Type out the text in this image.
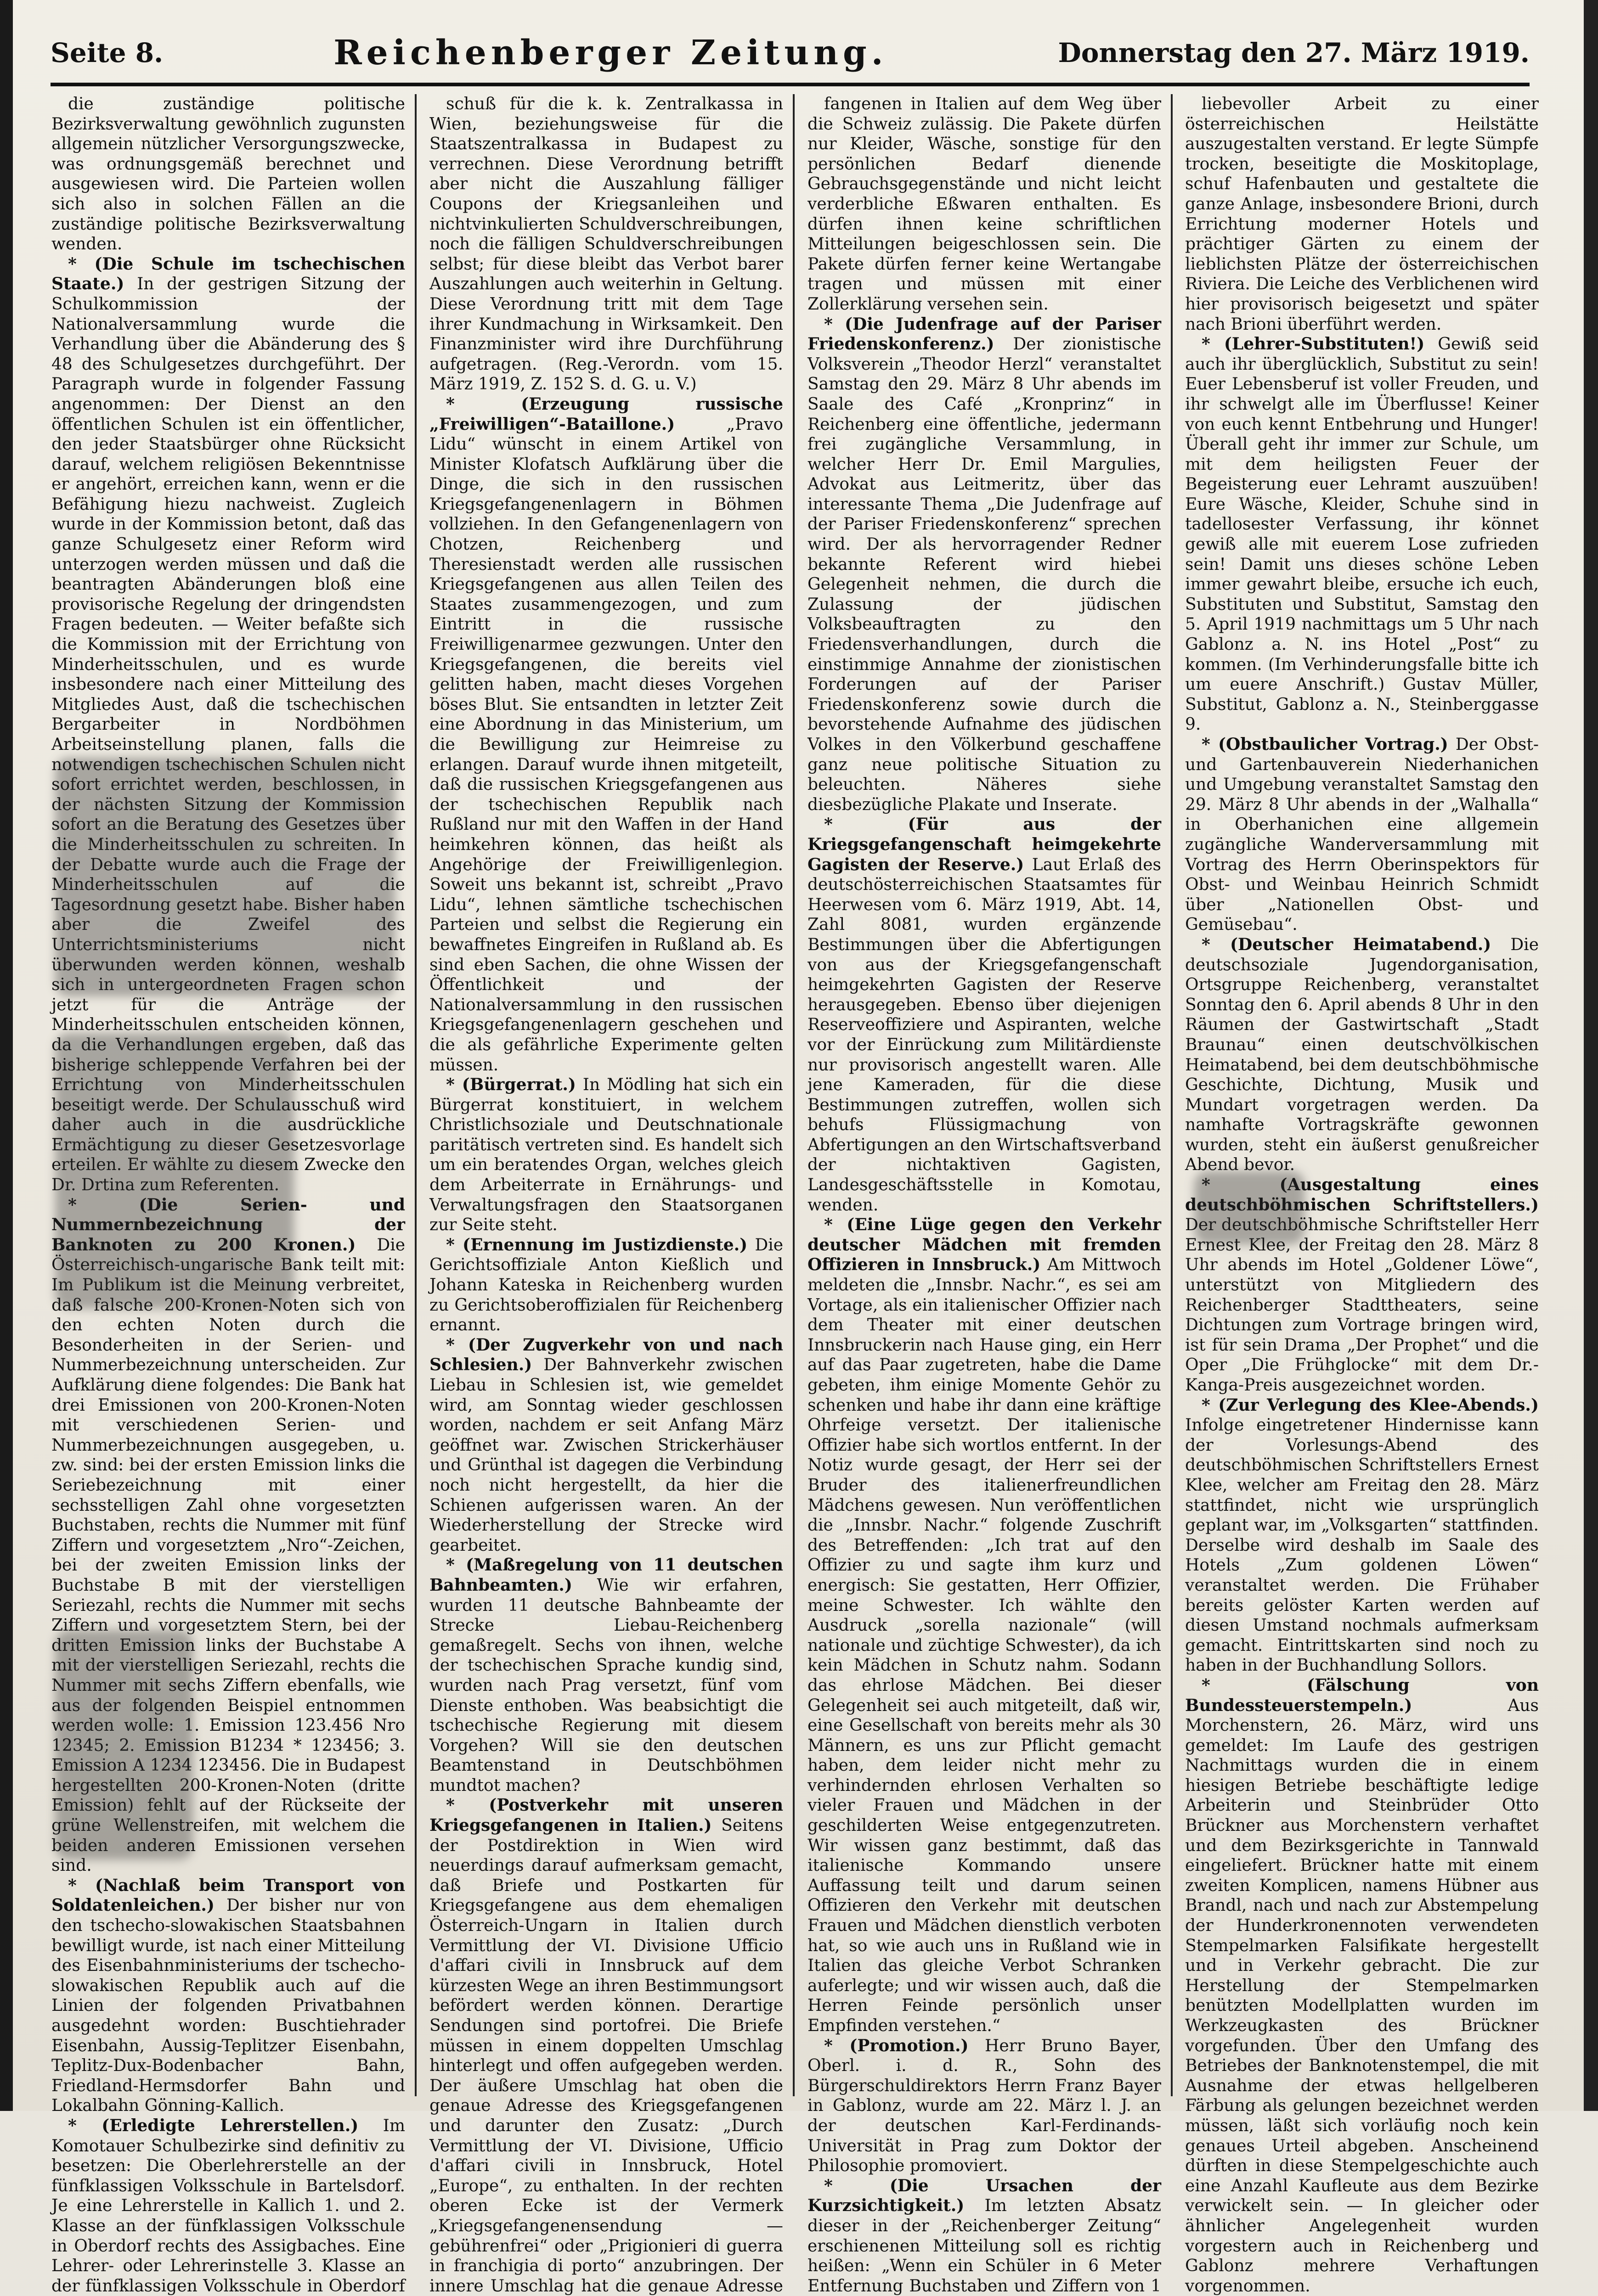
Seite 8.	Reichenberger Zeitung.	Donnerstag den 27. März 1919.

die zuständige politische Bezirksverwaltung gewöhnlich zugunsten allgemein nützlicher Versorgungszwecke, was ordnungsgemäß berechnet und ausgewiesen wird. Die Parteien wollen sich also in solchen Fällen an die zuständige politische Bezirksverwaltung wenden.

* (Die Schule im tschechischen Staate.) In der gestrigen Sitzung der Schulkommission der Nationalversammlung wurde die Verhandlung über die Abänderung des § 48 des Schulgesetzes durchgeführt. Der Paragraph wurde in folgender Fassung angenommen: Der Dienst an den öffentlichen Schulen ist ein öffentlicher, den jeder Staatsbürger ohne Rücksicht darauf, welchem religiösen Bekenntnisse er angehört, erreichen kann, wenn er die Befähigung hiezu nachweist. Zugleich wurde in der Kommission betont, daß das ganze Schulgesetz einer Reform wird unterzogen werden müssen und daß die beantragten Abänderungen bloß eine provisorische Regelung der dringendsten Fragen bedeuten. — Weiter befaßte sich die Kommission mit der Errichtung von Minderheitsschulen, und es wurde insbesondere nach einer Mitteilung des Mitgliedes Aust, daß die tschechischen Bergarbeiter in Nordböhmen Arbeitseinstellung planen, falls die notwendigen tschechischen Schulen nicht sofort errichtet werden, beschlossen, in der nächsten Sitzung der Kommission sofort an die Beratung des Gesetzes über die Minderheitsschulen zu schreiten. In der Debatte wurde auch die Frage der Minderheitsschulen auf die Tagesordnung gesetzt habe. Bisher haben aber die Zweifel des Unterrichtsministeriums nicht überwunden werden können, weshalb sich in untergeordneten Fragen schon jetzt für die Anträge der Minderheitsschulen entscheiden können, da die Verhandlungen ergeben, daß das bisherige schleppende Verfahren bei der Errichtung von Minderheitsschulen beseitigt werde. Der Schulausschuß wird daher auch in die ausdrückliche Ermächtigung zu dieser Gesetzesvorlage erteilen. Er wählte zu diesem Zwecke den Dr. Drtina zum Referenten.

* (Die Serien- und Nummernbezeichnung der Banknoten zu 200 Kronen.) Die Österreichisch-ungarische Bank teilt mit: Im Publikum ist die Meinung verbreitet, daß falsche 200-Kronen-Noten sich von den echten Noten durch die Besonderheiten in der Serien- und Nummerbezeichnung unterscheiden. Zur Aufklärung diene folgendes: Die Bank hat drei Emissionen von 200-Kronen-Noten mit verschiedenen Serien- und Nummerbezeichnungen ausgegeben, u. zw. sind: bei der ersten Emission links die Seriebezeichnung mit einer sechsstelligen Zahl ohne vorgesetzten Buchstaben, rechts die Nummer mit fünf Ziffern und vorgesetztem „Nro“-Zeichen, bei der zweiten Emission links der Buchstabe B mit der vierstelligen Seriezahl, rechts die Nummer mit sechs Ziffern und vorgesetztem Stern, bei der dritten Emission links der Buchstabe A mit der vierstelligen Seriezahl, rechts die Nummer mit sechs Ziffern ebenfalls, wie aus der folgenden Beispiel entnommen werden wolle: 1. Emission 123.456 Nro 12345; 2. Emission B1234 * 123456; 3. Emission A 1234 123456. Die in Budapest hergestellten 200-Kronen-Noten (dritte Emission) fehlt auf der Rückseite der grüne Wellenstreifen, mit welchem die beiden anderen Emissionen versehen sind.

* (Nachlaß beim Transport von Soldatenleichen.) Der bisher nur von den tschecho-slowakischen Staatsbahnen bewilligt wurde, ist nach einer Mitteilung des Eisenbahnministeriums der tschecho-slowakischen Republik auch auf die Linien der folgenden Privatbahnen ausgedehnt worden: Buschtiehrader Eisenbahn, Aussig-Teplitzer Eisenbahn, Teplitz-Dux-Bodenbacher Bahn, Friedland-Hermsdorfer Bahn und Lokalbahn Gönning-Kallich.

* (Erledigte Lehrerstellen.) Im Komotauer Schulbezirke sind definitiv zu besetzen: Die Oberlehrerstelle an der fünfklassigen Volksschule in Bartelsdorf. Je eine Lehrerstelle in Kallich 1. und 2. Klasse an der fünfklassigen Volksschule in Oberdorf rechts des Assigbaches. Eine Lehrer- oder Lehrerinstelle 3. Klasse an der fünfklassigen Volksschule in Oberdorf

schuß für die k. k. Zentralkassa in Wien, beziehungsweise für die Staatszentralkassa in Budapest zu verrechnen. Diese Verordnung betrifft aber nicht die Auszahlung fälliger Coupons der Kriegsanleihen und nichtvinkulierten Schuldverschreibungen, noch die fälligen Schuldverschreibungen selbst; für diese bleibt das Verbot barer Auszahlungen auch weiterhin in Geltung. Diese Verordnung tritt mit dem Tage ihrer Kundmachung in Wirksamkeit. Den Finanzminister wird ihre Durchführung aufgetragen. (Reg.-Verordn. vom 15. März 1919, Z. 152 S. d. G. u. V.)

* (Erzeugung russische „Freiwilligen“-Bataillone.) „Pravo Lidu“ wünscht in einem Artikel von Minister Klofatsch Aufklärung über die Dinge, die sich in den russischen Kriegsgefangenenlagern in Böhmen vollziehen. In den Gefangenenlagern von Chotzen, Reichenberg und Theresienstadt werden alle russischen Kriegsgefangenen aus allen Teilen des Staates zusammengezogen, und zum Eintritt in die russische Freiwilligenarmee gezwungen. Unter den Kriegsgefangenen, die bereits viel gelitten haben, macht dieses Vorgehen böses Blut. Sie entsandten in letzter Zeit eine Abordnung in das Ministerium, um die Bewilligung zur Heimreise zu erlangen. Darauf wurde ihnen mitgeteilt, daß die russischen Kriegsgefangenen aus der tschechischen Republik nach Rußland nur mit den Waffen in der Hand heimkehren können, das heißt als Angehörige der Freiwilligenlegion. Soweit uns bekannt ist, schreibt „Pravo Lidu“, lehnen sämtliche tschechischen Parteien und selbst die Regierung ein bewaffnetes Eingreifen in Rußland ab. Es sind eben Sachen, die ohne Wissen der Öffentlichkeit und der Nationalversammlung in den russischen Kriegsgefangenenlagern geschehen und die als gefährliche Experimente gelten müssen.

* (Bürgerrat.) In Mödling hat sich ein Bürgerrat konstituiert, in welchem Christlichsoziale und Deutschnationale paritätisch vertreten sind. Es handelt sich um ein beratendes Organ, welches gleich dem Arbeiterrate in Ernährungs- und Verwaltungsfragen den Staatsorganen zur Seite steht.

* (Ernennung im Justizdienste.) Die Gerichtsoffiziale Anton Kießlich und Johann Kateska in Reichenberg wurden zu Gerichtsoberoffizialen für Reichenberg ernannt.

* (Der Zugverkehr von und nach Schlesien.) Der Bahnverkehr zwischen Liebau in Schlesien ist, wie gemeldet wird, am Sonntag wieder geschlossen worden, nachdem er seit Anfang März geöffnet war. Zwischen Strickerhäuser und Grünthal ist dagegen die Verbindung noch nicht hergestellt, da hier die Schienen aufgerissen waren. An der Wiederherstellung der Strecke wird gearbeitet.

* (Maßregelung von 11 deutschen Bahnbeamten.) Wie wir erfahren, wurden 11 deutsche Bahnbeamte der Strecke Liebau-Reichenberg gemaßregelt. Sechs von ihnen, welche der tschechischen Sprache kundig sind, wurden nach Prag versetzt, fünf vom Dienste enthoben. Was beabsichtigt die tschechische Regierung mit diesem Vorgehen? Will sie den deutschen Beamtenstand in Deutschböhmen mundtot machen?

* (Postverkehr mit unseren Kriegsgefangenen in Italien.) Seitens der Postdirektion in Wien wird neuerdings darauf aufmerksam gemacht, daß Briefe und Postkarten für Kriegsgefangene aus dem ehemaligen Österreich-Ungarn in Italien durch Vermittlung der VI. Divisione Ufficio d'affari civili in Innsbruck auf dem kürzesten Wege an ihren Bestimmungsort befördert werden können. Derartige Sendungen sind portofrei. Die Briefe müssen in einem doppelten Umschlag hinterlegt und offen aufgegeben werden. Der äußere Umschlag hat oben die genaue Adresse des Kriegsgefangenen und darunter den Zusatz: „Durch Vermittlung der VI. Divisione, Ufficio d'affari civili in Innsbruck, Hotel „Europe“, zu enthalten. In der rechten oberen Ecke ist der Vermerk „Kriegsgefangenensendung — gebührenfrei“ oder „Prigionieri di guerra in franchigia di porto“ anzubringen. Der innere Umschlag hat die genaue Adresse

fangenen in Italien auf dem Weg über die Schweiz zulässig. Die Pakete dürfen nur Kleider, Wäsche, sonstige für den persönlichen Bedarf dienende Gebrauchsgegenstände und nicht leicht verderbliche Eßwaren enthalten. Es dürfen ihnen keine schriftlichen Mitteilungen beigeschlossen sein. Die Pakete dürfen ferner keine Wertangabe tragen und müssen mit einer Zollerklärung versehen sein.

* (Die Judenfrage auf der Pariser Friedenskonferenz.) Der zionistische Volksverein „Theodor Herzl“ veranstaltet Samstag den 29. März 8 Uhr abends im Saale des Café „Kronprinz“ in Reichenberg eine öffentliche, jedermann frei zugängliche Versammlung, in welcher Herr Dr. Emil Margulies, Advokat aus Leitmeritz, über das interessante Thema „Die Judenfrage auf der Pariser Friedenskonferenz“ sprechen wird. Der als hervorragender Redner bekannte Referent wird hiebei Gelegenheit nehmen, die durch die Zulassung der jüdischen Volksbeauftragten zu den Friedensverhandlungen, durch die einstimmige Annahme der zionistischen Forderungen auf der Pariser Friedenskonferenz sowie durch die bevorstehende Aufnahme des jüdischen Volkes in den Völkerbund geschaffene ganz neue politische Situation zu beleuchten. Näheres siehe diesbezügliche Plakate und Inserate.

* (Für aus der Kriegsgefangenschaft heimgekehrte Gagisten der Reserve.) Laut Erlaß des deutschösterreichischen Staatsamtes für Heerwesen vom 6. März 1919, Abt. 14, Zahl 8081, wurden ergänzende Bestimmungen über die Abfertigungen von aus der Kriegsgefangenschaft heimgekehrten Gagisten der Reserve herausgegeben. Ebenso über diejenigen Reserveoffiziere und Aspiranten, welche vor der Einrückung zum Militärdienste nur provisorisch angestellt waren. Alle jene Kameraden, für die diese Bestimmungen zutreffen, wollen sich behufs Flüssigmachung von Abfertigungen an den Wirtschaftsverband der nichtaktiven Gagisten, Landesgeschäftsstelle in Komotau, wenden.

* (Eine Lüge gegen den Verkehr deutscher Mädchen mit fremden Offizieren in Innsbruck.) Am Mittwoch meldeten die „Innsbr. Nachr.“, es sei am Vortage, als ein italienischer Offizier nach dem Theater mit einer deutschen Innsbruckerin nach Hause ging, ein Herr auf das Paar zugetreten, habe die Dame gebeten, ihm einige Momente Gehör zu schenken und habe ihr dann eine kräftige Ohrfeige versetzt. Der italienische Offizier habe sich wortlos entfernt. In der Notiz wurde gesagt, der Herr sei der Bruder des italienerfreundlichen Mädchens gewesen. Nun veröffentlichen die „Innsbr. Nachr.“ folgende Zuschrift des Betreffenden: „Ich trat auf den Offizier zu und sagte ihm kurz und energisch: Sie gestatten, Herr Offizier, meine Schwester. Ich wählte den Ausdruck „sorella nazionale“ (will nationale und züchtige Schwester), da ich kein Mädchen in Schutz nahm. Sodann das ehrlose Mädchen. Bei dieser Gelegenheit sei auch mitgeteilt, daß wir, eine Gesellschaft von bereits mehr als 30 Männern, es uns zur Pflicht gemacht haben, dem leider nicht mehr zu verhindernden ehrlosen Verhalten so vieler Frauen und Mädchen in der geschilderten Weise entgegenzutreten. Wir wissen ganz bestimmt, daß das italienische Kommando unsere Auffassung teilt und darum seinen Offizieren den Verkehr mit deutschen Frauen und Mädchen dienstlich verboten hat, so wie auch uns in Rußland wie in Italien das gleiche Verbot Schranken auferlegte; und wir wissen auch, daß die Herren Feinde persönlich unser Empfinden verstehen.“

* (Promotion.) Herr Bruno Bayer, Oberl. i. d. R., Sohn des Bürgerschuldirektors Herrn Franz Bayer in Gablonz, wurde am 22. März l. J. an der deutschen Karl-Ferdinands-Universität in Prag zum Doktor der Philosophie promoviert.

* (Die Ursachen der Kurzsichtigkeit.) Im letzten Absatz dieser in der „Reichenberger Zeitung“ erschienenen Mitteilung soll es richtig heißen: „Wenn ein Schüler in 6 Meter Entfernung Buchstaben und Ziffern von 1

liebevoller Arbeit zu einer österreichischen Heilstätte auszugestalten verstand. Er legte Sümpfe trocken, beseitigte die Moskitoplage, schuf Hafenbauten und gestaltete die ganze Anlage, insbesondere Brioni, durch Errichtung moderner Hotels und prächtiger Gärten zu einem der lieblichsten Plätze der österreichischen Riviera. Die Leiche des Verblichenen wird hier provisorisch beigesetzt und später nach Brioni überführt werden.

* (Lehrer-Substituten!) Gewiß seid auch ihr überglücklich, Substitut zu sein! Euer Lebensberuf ist voller Freuden, und ihr schwelgt alle im Überflusse! Keiner von euch kennt Entbehrung und Hunger! Überall geht ihr immer zur Schule, um mit dem heiligsten Feuer der Begeisterung euer Lehramt auszuüben! Eure Wäsche, Kleider, Schuhe sind in tadellosester Verfassung, ihr könnet gewiß alle mit euerem Lose zufrieden sein! Damit uns dieses schöne Leben immer gewahrt bleibe, ersuche ich euch, Substituten und Substitut, Samstag den 5. April 1919 nachmittags um 5 Uhr nach Gablonz a. N. ins Hotel „Post“ zu kommen. (Im Verhinderungsfalle bitte ich um euere Anschrift.) Gustav Müller, Substitut, Gablonz a. N., Steinberggasse 9.

* (Obstbaulicher Vortrag.) Der Obst- und Gartenbauverein Niederhanichen und Umgebung veranstaltet Samstag den 29. März 8 Uhr abends in der „Walhalla“ in Oberhanichen eine allgemein zugängliche Wanderversammlung mit Vortrag des Herrn Oberinspektors für Obst- und Weinbau Heinrich Schmidt über „Nationellen Obst- und Gemüsebau“.

* (Deutscher Heimatabend.) Die deutschsoziale Jugendorganisation, Ortsgruppe Reichenberg, veranstaltet Sonntag den 6. April abends 8 Uhr in den Räumen der Gastwirtschaft „Stadt Braunau“ einen deutschvölkischen Heimatabend, bei dem deutschböhmische Geschichte, Dichtung, Musik und Mundart vorgetragen werden. Da namhafte Vortragskräfte gewonnen wurden, steht ein äußerst genußreicher Abend bevor.

* (Ausgestaltung eines deutschböhmischen Schriftstellers.) Der deutschböhmische Schriftsteller Herr Ernest Klee, der Freitag den 28. März 8 Uhr abends im Hotel „Goldener Löwe“, unterstützt von Mitgliedern des Reichenberger Stadttheaters, seine Dichtungen zum Vortrage bringen wird, ist für sein Drama „Der Prophet“ und die Oper „Die Frühglocke“ mit dem Dr.-Kanga-Preis ausgezeichnet worden.

* (Zur Verlegung des Klee-Abends.) Infolge eingetretener Hindernisse kann der Vorlesungs-Abend des deutschböhmischen Schriftstellers Ernest Klee, welcher am Freitag den 28. März stattfindet, nicht wie ursprünglich geplant war, im „Volksgarten“ stattfinden. Derselbe wird deshalb im Saale des Hotels „Zum goldenen Löwen“ veranstaltet werden. Die Frühaber bereits gelöster Karten werden auf diesen Umstand nochmals aufmerksam gemacht. Eintrittskarten sind noch zu haben in der Buchhandlung Sollors.

* (Fälschung von Bundessteuerstempeln.) Aus Morchenstern, 26. März, wird uns gemeldet: Im Laufe des gestrigen Nachmittags wurden die in einem hiesigen Betriebe beschäftigte ledige Arbeiterin und Steinbrüder Otto Brückner aus Morchenstern verhaftet und dem Bezirksgerichte in Tannwald eingeliefert. Brückner hatte mit einem zweiten Komplicen, namens Hübner aus Brandl, nach und nach zur Abstempelung der Hunderkronennoten verwendeten Stempelmarken Falsifikate hergestellt und in Verkehr gebracht. Die zur Herstellung der Stempelmarken benützten Modellplatten wurden im Werkzeugkasten des Brückner vorgefunden. Über den Umfang des Betriebes der Banknotenstempel, die mit Ausnahme der etwas hellgelberen Färbung als gelungen bezeichnet werden müssen, läßt sich vorläufig noch kein genaues Urteil abgeben. Anscheinend dürften in diese Stempelgeschichte auch eine Anzahl Kaufleute aus dem Bezirke verwickelt sein. — In gleicher oder ähnlicher Angelegenheit wurden vorgestern auch in Reichenberg und Gablonz mehrere Verhaftungen vorgenommen.
